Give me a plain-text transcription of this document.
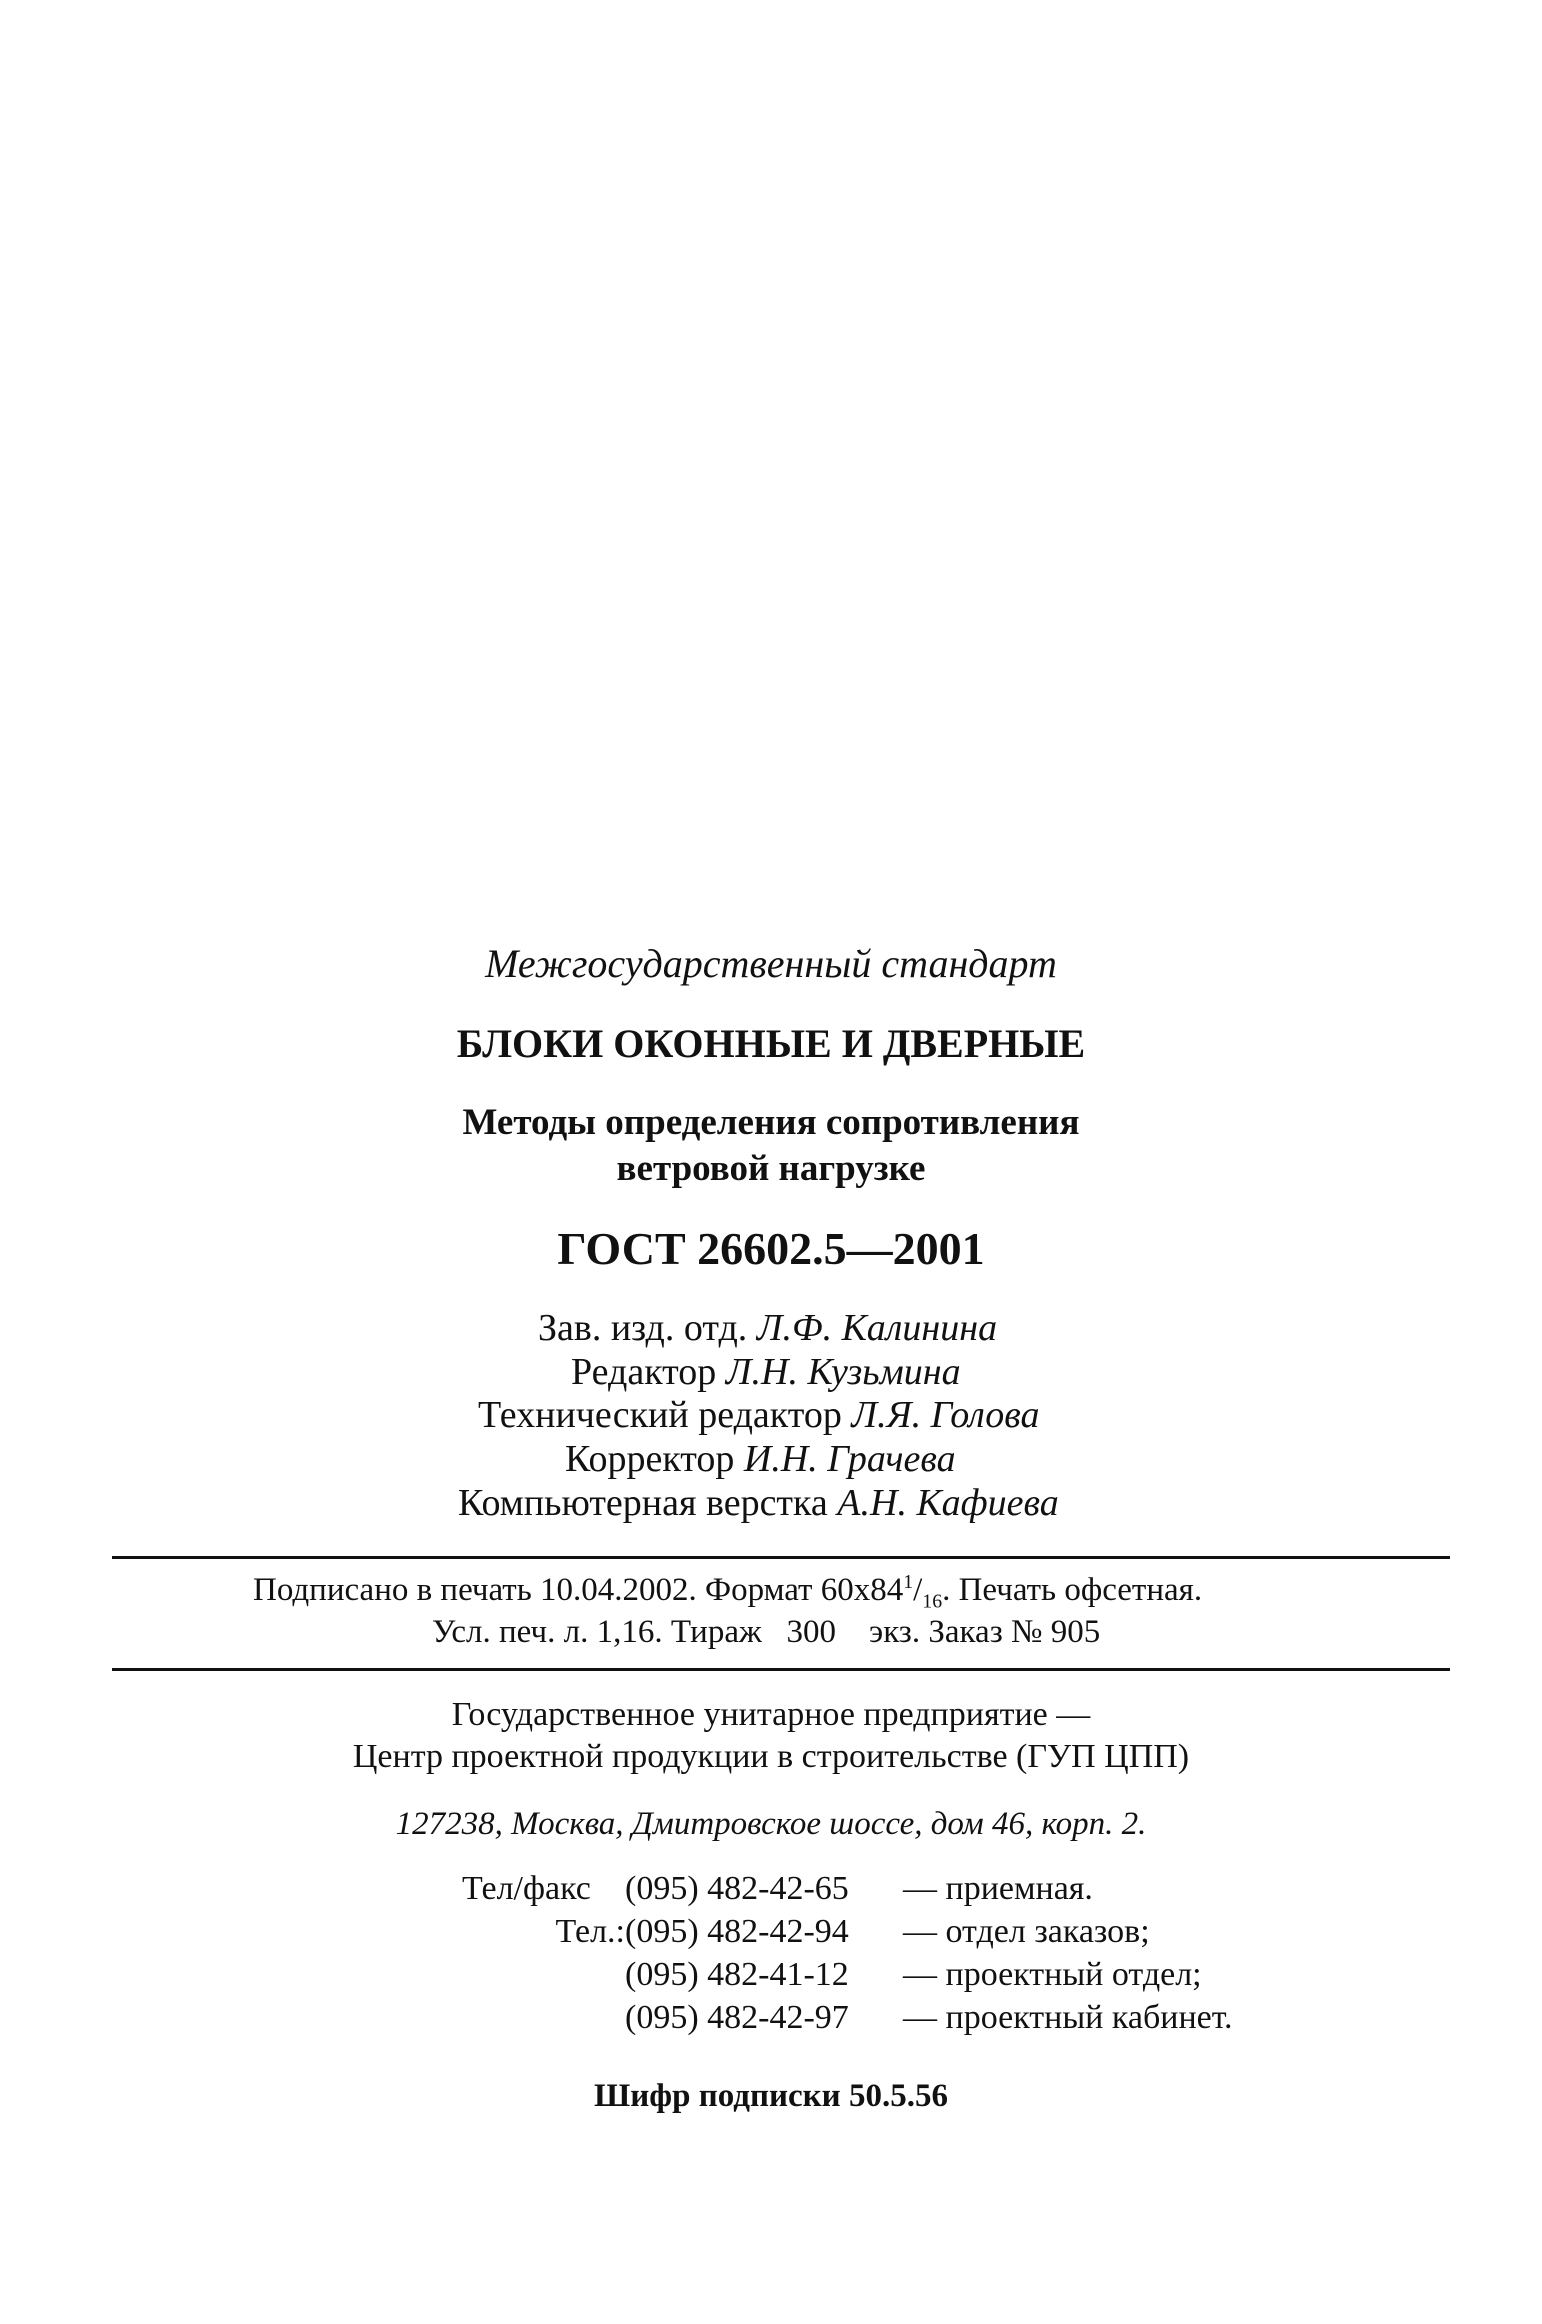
Межгосударственный стандарт
БЛОКИ ОКОННЫЕ И ДВЕРНЫЕ
Методы определения сопротивления
ветровой нагрузке
ГОСТ 26602.5—2001
Зав. изд. отд. Л.Ф. Калинина
Редактор Л.Н. Кузьмина
Технический редактор Л.Я. Голова
Корректор И.Н. Грачева
Компьютерная верстка А.Н. Кафиева
Подписано в печать 10.04.2002. Формат $60х84^1/_{16}$. Печать офсетная.
Усл. печ. л. 1,16. Тираж 300 экз. Заказ № 905
Государственное унитарное предприятие —
Центр проектной продукции в строительстве (ГУП ЦПП)
127238, Москва, Дмитровское шоссе, дом 46, корп. 2.
Тел/факс (095) 482-42-65 — приемная.
Тел.:(095) 482-42-94 — отдел заказов;
(095) 482-41-12 — проектный отдел;
(095) 482-42-97 — проектный кабинет.
Шифр подписки 50.5.56
